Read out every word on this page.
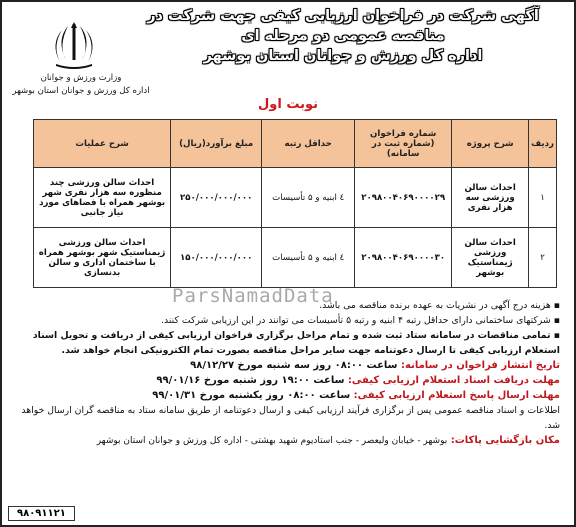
آگهی شرکت در فراخوان ارزیابی کیفی جهت شرکت در مناقصه عمومی دو مرحله ای
اداره کل ورزش و جوانان استان بوشهر
وزارت ورزش و جوانان
اداره کل ورزش و جوانان استان بوشهر
نوبت اول
ردیف	شرح پروژه	شماره فراخوان (شماره ثبت در سامانه)	حداقل رتبه	مبلغ برآورد(ریال)	شرح عملیات
۱	احداث سالن ورزشی سه هزار نفری	۲۰۹۸۰۰۴۰۶۹۰۰۰۰۲۹	٤ ابنیه و ۵ تأسیسات	۲۵۰/۰۰۰/۰۰۰/۰۰۰	احداث سالن ورزشی چند منظوره سه هزار نفری شهر بوشهر همراه با فضاهای مورد نیاز جانبی
۲	احداث سالن ورزشی ژیمناستیک بوشهر	۲۰۹۸۰۰۴۰۶۹۰۰۰۰۳۰	٤ ابنیه و ۵ تأسیسات	۱۵۰/۰۰۰/۰۰۰/۰۰۰	احداث سالن ورزشی ژیمناستیک شهر بوشهر همراه با ساختمان اداری و سالن بدنسازی
ParsNamadData	▪ هزینه درج آگهی در نشریات به عهده برنده مناقصه می باشد.

▪ شرکتهای ساختمانی دارای حداقل رتبه ۴ ابنیه و رتبه ۵ تأسیسات می توانند در این ارزیابی شرکت کنند.

▪ تمامی مناقصات در سامانه ستاد ثبت شده و تمام مراحل برگزاری فراخوان ارزیابی کیفی از دریافت و تحویل اسناد استعلام ارزیابی کیفی تا ارسال دعوتنامه جهت سایر مراحل مناقصه بصورت تمام الکترونیکی انجام خواهد شد.

تاریخ انتشار فراخوان در سامانه: ساعت ۰۸:۰۰ روز سه شنبه مورخ ۹۸/۱۲/۲۷

مهلت دریافت اسناد استعلام ارزیابی کیفی: ساعت ۱۹:۰۰ روز شنبه مورخ ۹۹/۰۱/۱۶

مهلت ارسال پاسخ استعلام ارزیابی کیفی: ساعت ۰۸:۰۰ روز یکشنبه مورخ ۹۹/۰۱/۳۱

اطلاعات و اسناد مناقصه عمومی پس از برگزاری فرآیند ارزیابی کیفی و ارسال دعوتنامه از طریق سامانه ستاد به مناقصه گران ارسال خواهد شد.

مکان بازگشایی پاکات: بوشهر - خیابان ولیعصر - جنب استادیوم شهید بهشتی - اداره کل ورزش و جوانان استان بوشهر

۹۸۰۹۱۱۲۱
